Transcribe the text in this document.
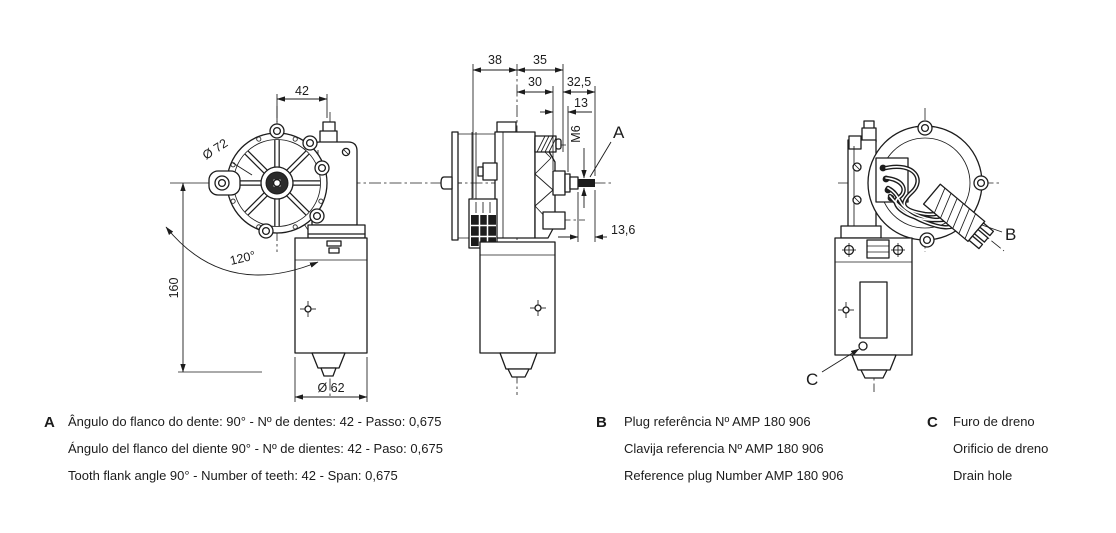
42
Ø 72
120°
160
Ø 62
38 35
30 32,5
13
M6
13,6
A
B
C
A Ângulo do flanco do dente: 90° - Nº de dentes: 42 - Passo: 0,675
Ángulo del flanco del diente 90° - Nº de dientes: 42 - Paso: 0,675
Tooth flank angle 90° - Number of teeth: 42 - Span: 0,675
B Plug referência Nº AMP 180 906
Clavija referencia Nº AMP 180 906
Reference plug Number AMP 180 906
C Furo de dreno
Orificio de dreno
Drain hole
